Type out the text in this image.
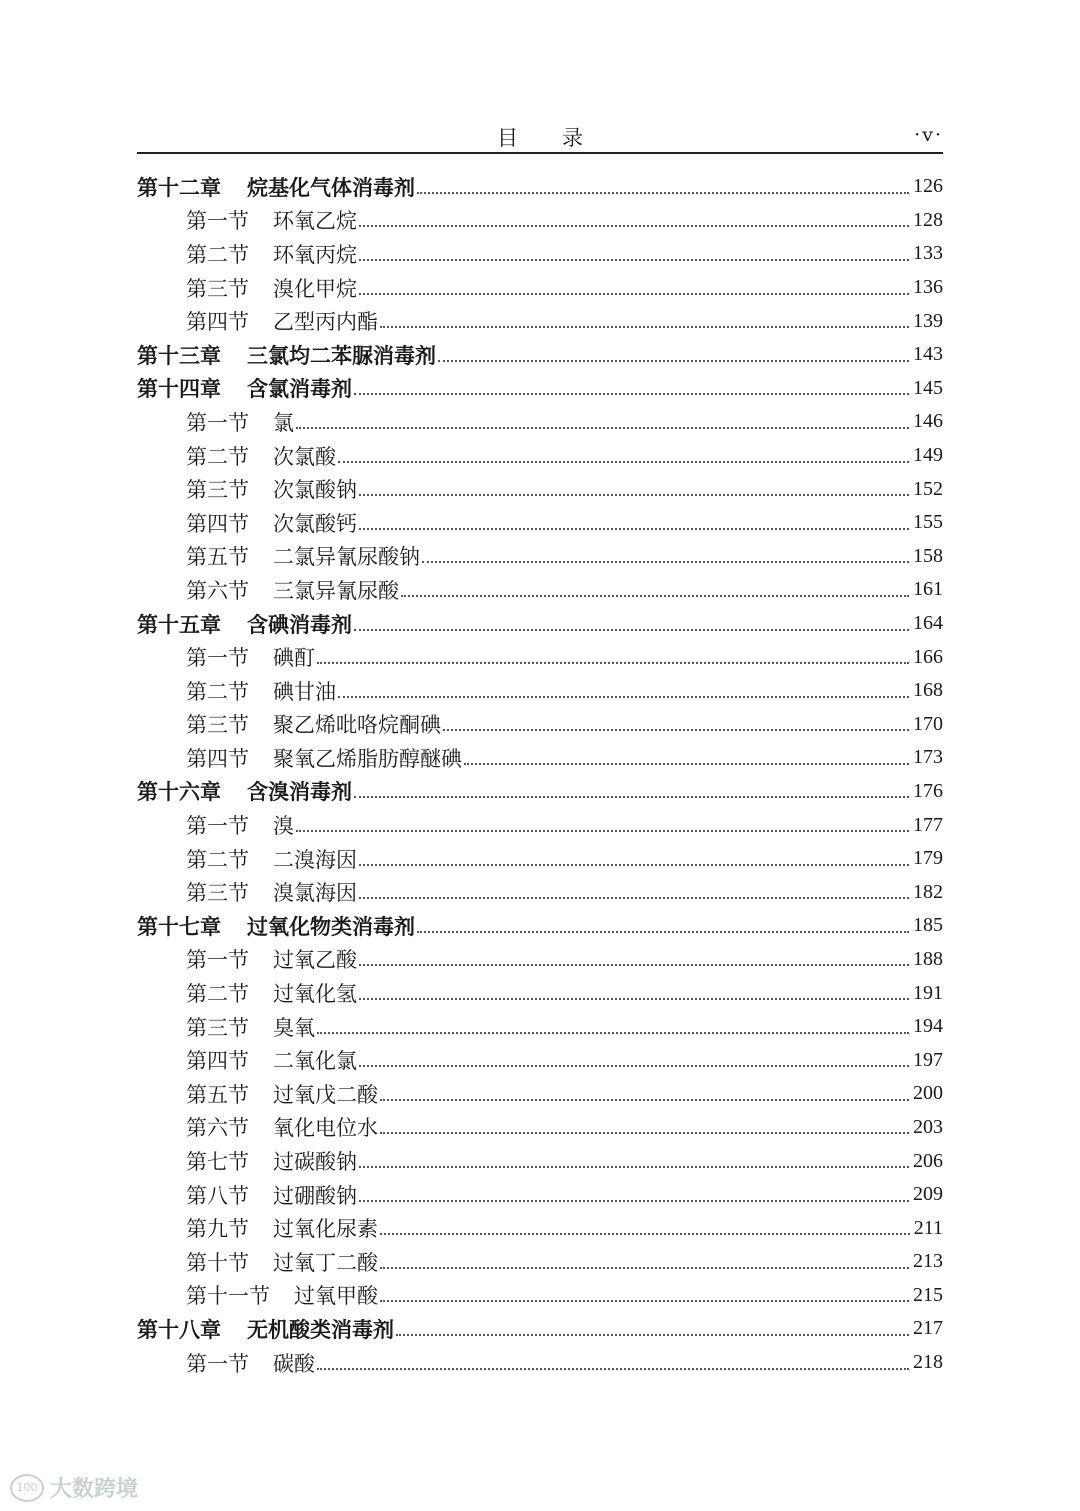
目录	·v·
第十二章 烷基化气体消毒剂	126
第一节 环氧乙烷	128
第二节 环氧丙烷	133
第三节 溴化甲烷	136
第四节 乙型丙内酯	139
第十三章 三氯均二苯脲消毒剂	143
第十四章 含氯消毒剂	145
第一节 氯	146
第二节 次氯酸	149
第三节 次氯酸钠	152
第四节 次氯酸钙	155
第五节 二氯异氰尿酸钠	158
第六节 三氯异氰尿酸	161
第十五章 含碘消毒剂	164
第一节 碘酊	166
第二节 碘甘油	168
第三节 聚乙烯吡咯烷酮碘	170
第四节 聚氧乙烯脂肪醇醚碘	173
第十六章 含溴消毒剂	176
第一节 溴	177
第二节 二溴海因	179
第三节 溴氯海因	182
第十七章 过氧化物类消毒剂	185
第一节 过氧乙酸	188
第二节 过氧化氢	191
第三节 臭氧	194
第四节 二氧化氯	197
第五节 过氧戊二酸	200
第六节 氧化电位水	203
第七节 过碳酸钠	206
第八节 过硼酸钠	209
第九节 过氧化尿素	211
第十节 过氧丁二酸	213
第十一节 过氧甲酸	215
第十八章 无机酸类消毒剂	217
第一节 碳酸	218
100 大数跨境
